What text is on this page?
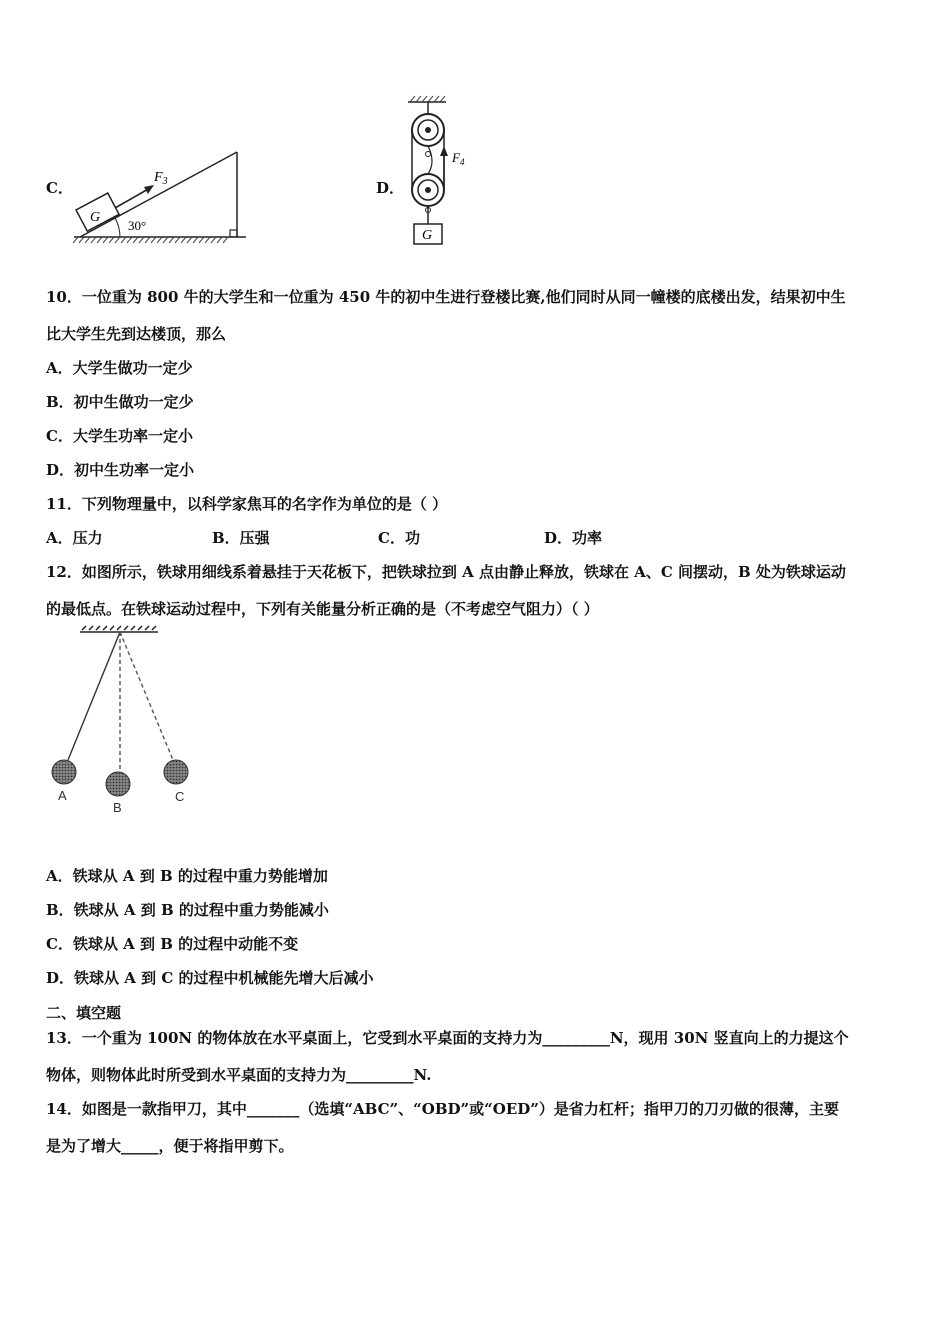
C．
G
$F_3$
30°
D．
$F_4$
G
10．一位重为 800 牛的大学生和一位重为 450 牛的初中生进行登楼比赛,他们同时从同一幢楼的底楼出发，结果初中生
比大学生先到达楼顶，那么
A．大学生做功一定少
B．初中生做功一定少
C．大学生功率一定小
D．初中生功率一定小
11．下列物理量中，以科学家焦耳的名字作为单位的是（ ）
A．压力	B．压强	C．功	D．功率
12．如图所示，铁球用细线系着悬挂于天花板下，把铁球拉到 A 点由静止释放，铁球在 A、C 间摆动，B 处为铁球运动
的最低点。在铁球运动过程中，下列有关能量分析正确的是（不考虑空气阻力）（ ）
A
B
C
A．铁球从 A 到 B 的过程中重力势能增加
B．铁球从 A 到 B 的过程中重力势能减小
C．铁球从 A 到 B 的过程中动能不变
D．铁球从 A 到 C 的过程中机械能先增大后减小
二、填空题
13．一个重为 100N 的物体放在水平桌面上，它受到水平桌面的支持力为_________N，现用 30N 竖直向上的力提这个
物体，则物体此时所受到水平桌面的支持力为_________N.
14．如图是一款指甲刀，其中_______（选填“ABC”、“OBD”或“OED”）是省力杠杆；指甲刀的刀刃做的很薄，主要
是为了增大_____，便于将指甲剪下。
